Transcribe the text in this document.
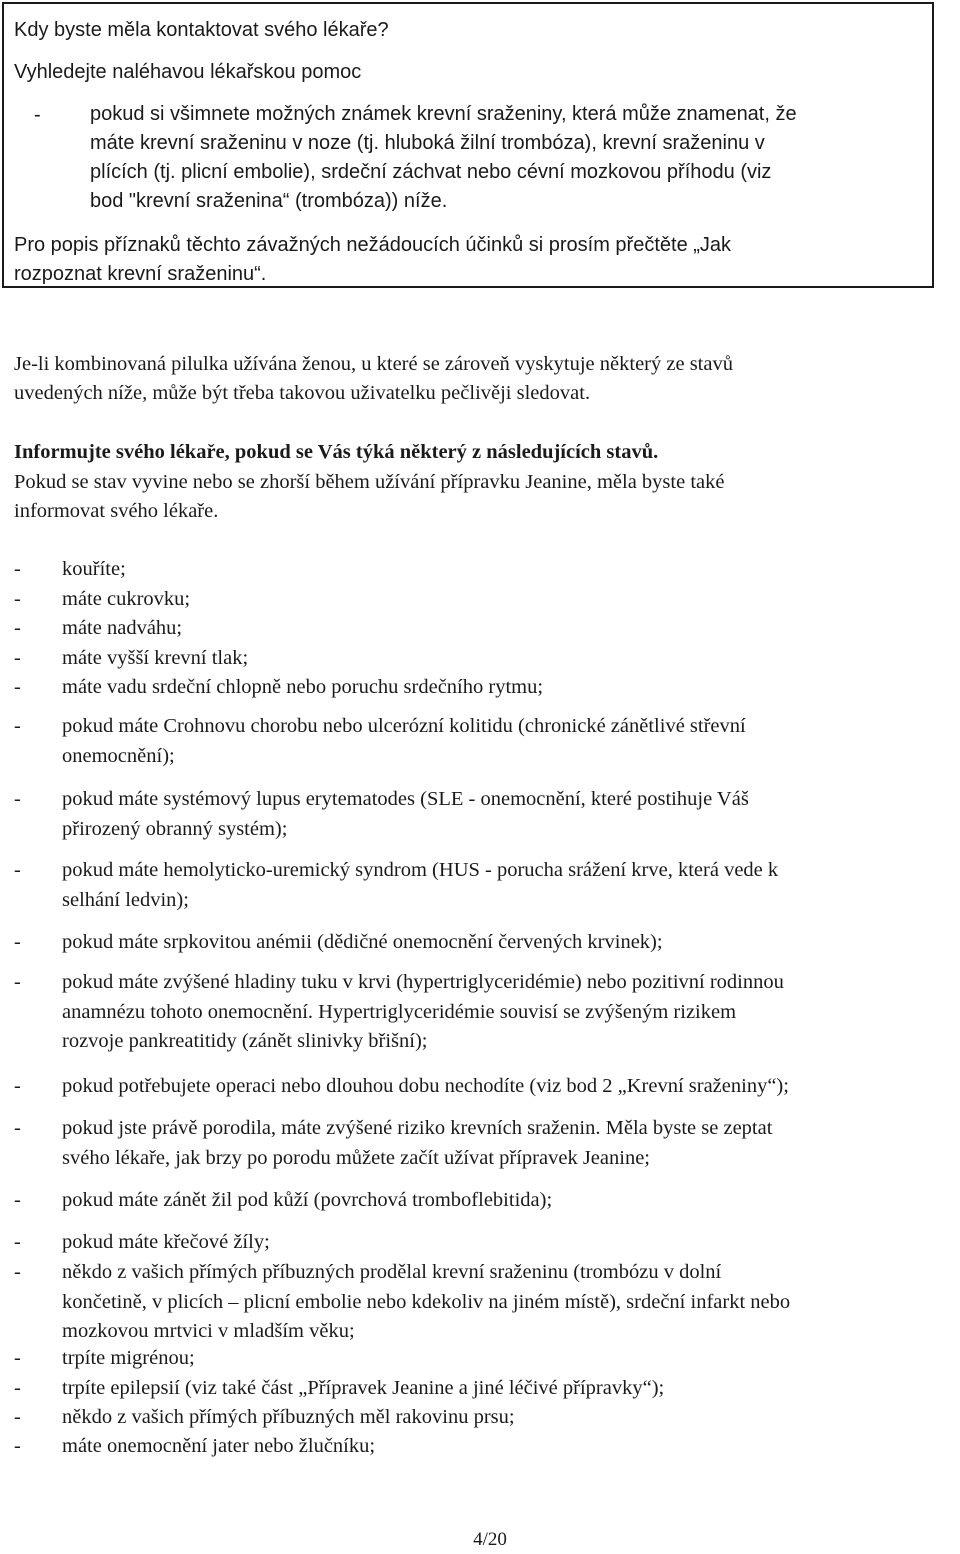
Kdy byste měla kontaktovat svého lékaře?
Vyhledejte naléhavou lékařskou pomoc
- pokud si všimnete možných známek krevní sraženiny, která může znamenat, že
máte krevní sraženinu v noze (tj. hluboká žilní trombóza), krevní sraženinu v
plících (tj. plicní embolie), srdeční záchvat nebo cévní mozkovou příhodu (viz
bod "krevní sraženina“ (trombóza)) níže.
Pro popis příznaků těchto závažných nežádoucích účinků si prosím přečtěte „Jak
rozpoznat krevní sraženinu“.
Je-li kombinovaná pilulka užívána ženou, u které se zároveň vyskytuje některý ze stavů
uvedených níže, může být třeba takovou uživatelku pečlivěji sledovat.
Informujte svého lékaře, pokud se Vás týká některý z následujících stavů.
Pokud se stav vyvine nebo se zhorší během užívání přípravku Jeanine, měla byste také
informovat svého lékaře.
- kouříte;
- máte cukrovku;
- máte nadváhu;
- máte vyšší krevní tlak;
- máte vadu srdeční chlopně nebo poruchu srdečního rytmu;
- pokud máte Crohnovu chorobu nebo ulcerózní kolitidu (chronické zánětlivé střevní
onemocnění);
- pokud máte systémový lupus erytematodes (SLE - onemocnění, které postihuje Váš
přirozený obranný systém);
- pokud máte hemolyticko-uremický syndrom (HUS - porucha srážení krve, která vede k
selhání ledvin);
- pokud máte srpkovitou anémii (dědičné onemocnění červených krvinek);
- pokud máte zvýšené hladiny tuku v krvi (hypertriglyceridémie) nebo pozitivní rodinnou
anamnézu tohoto onemocnění. Hypertriglyceridémie souvisí se zvýšeným rizikem
rozvoje pankreatitidy (zánět slinivky břišní);
- pokud potřebujete operaci nebo dlouhou dobu nechodíte (viz bod 2 „Krevní sraženiny“);
- pokud jste právě porodila, máte zvýšené riziko krevních sraženin. Měla byste se zeptat
svého lékaře, jak brzy po porodu můžete začít užívat přípravek Jeanine;
- pokud máte zánět žil pod kůží (povrchová tromboflebitida);
- pokud máte křečové žíly;
- někdo z vašich přímých příbuzných prodělal krevní sraženinu (trombózu v dolní
končetině, v plicích – plicní embolie nebo kdekoliv na jiném místě), srdeční infarkt nebo
mozkovou mrtvici v mladším věku;
- trpíte migrénou;
- trpíte epilepsií (viz také část „Přípravek Jeanine a jiné léčivé přípravky“);
- někdo z vašich přímých příbuzných měl rakovinu prsu;
- máte onemocnění jater nebo žlučníku;
4/20
